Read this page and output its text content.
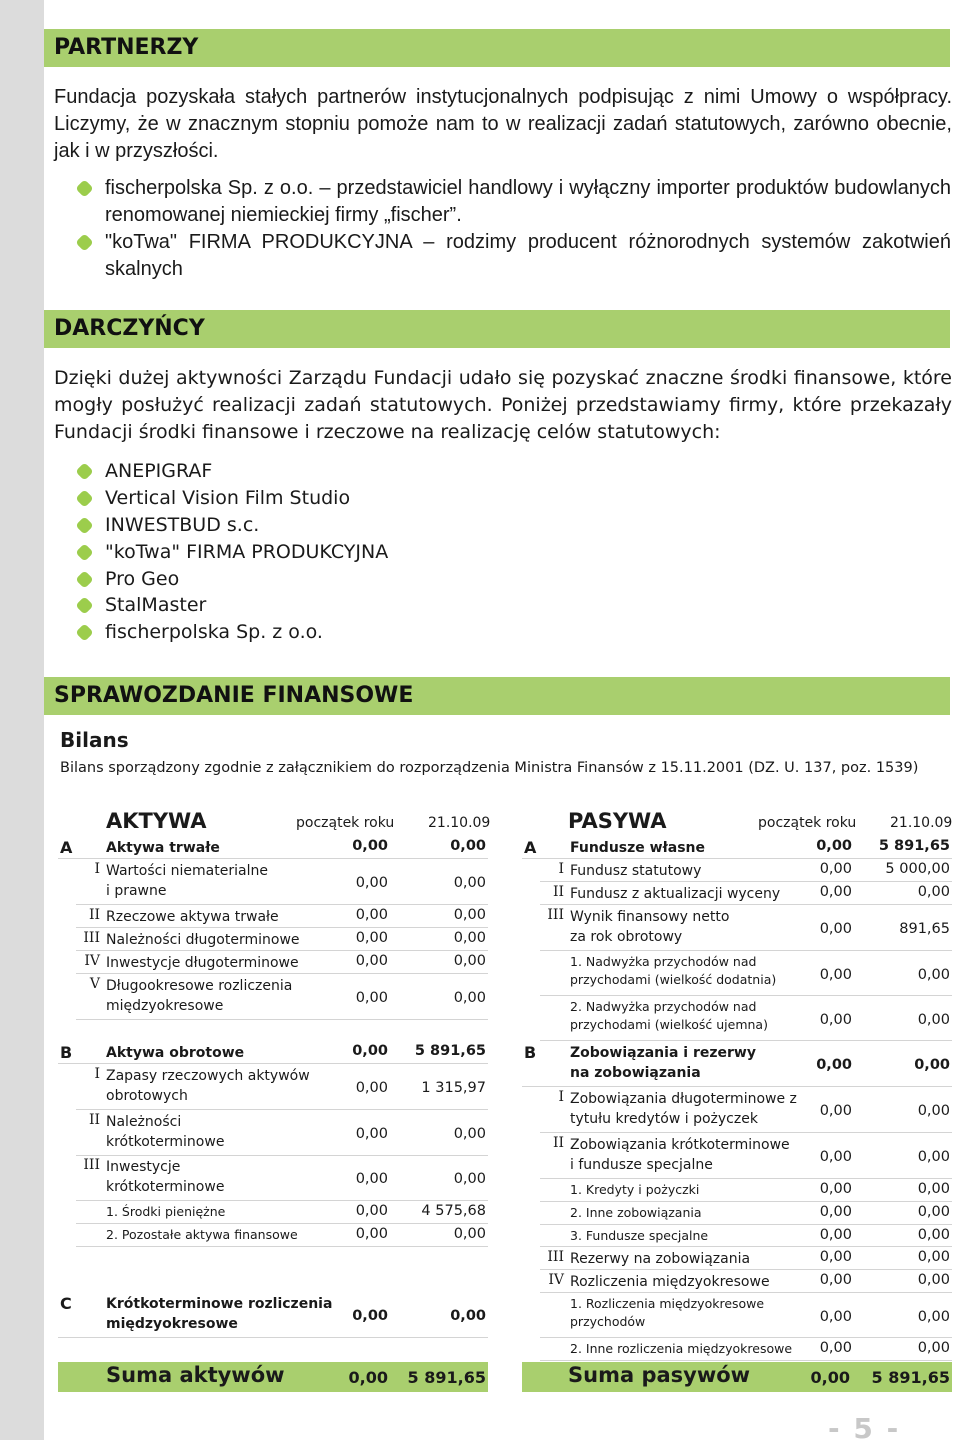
PARTNERZY
Fundacja pozyskała stałych partnerów instytucjonalnych podpisując z nimi Umowy o współpracy. Liczymy, że w znacznym stopniu pomoże nam to w realizacji zadań statutowych, zarówno obecnie, jak i w przyszłości.
fischerpolska Sp. z o.o. – przedstawiciel handlowy i wyłączny importer produktów budowlanych renomowanej niemieckiej firmy „fischer”.
"koTwa" FIRMA PRODUKCYJNA – rodzimy producent różnorodnych systemów zakotwień skalnych
DARCZYŃCY
Dzięki dużej aktywności Zarządu Fundacji udało się pozyskać znaczne środki finansowe, które mogły posłużyć realizacji zadań statutowych. Poniżej przedstawiamy firmy, które przekazały Fundacji środki finansowe i rzeczowe na realizację celów statutowych:
ANEPIGRAF
Vertical Vision Film Studio
INWESTBUD s.c.
"koTwa" FIRMA PRODUKCYJNA
Pro Geo
StalMaster
fischerpolska Sp. z o.o.
SPRAWOZDANIE FINANSOWE
Bilans
Bilans sporządzony zgodnie z załącznikiem do rozporządzenia Ministra Finansów z 15.11.2001 (DZ. U. 137, poz. 1539)
AKTYWA	początek roku 21.10.09
A Aktywa trwałe	0,00	0,00
I Wartości niematerialne
i prawne	0,00	0,00
II Rzeczowe aktywa trwałe	0,00	0,00
III Należności długoterminowe	0,00	0,00
IV Inwestycje długoterminowe	0,00	0,00
V Długookresowe rozliczenia
międzyokresowe	0,00	0,00
B Aktywa obrotowe	0,00	5 891,65
I Zapasy rzeczowych aktywów
obrotowych	0,00	1 315,97
II Należności
krótkoterminowe	0,00	0,00
III Inwestycje
krótkoterminowe	0,00	0,00
1. Środki pieniężne	0,00	4 575,68
2. Pozostałe aktywa finansowe	0,00	0,00
C Krótkoterminowe rozliczenia
międzyokresowe	0,00	0,00
Suma aktywów	0,00	5 891,65
PASYWA	początek roku 21.10.09
A Fundusze własne	0,00	5 891,65
I Fundusz statutowy	0,00	5 000,00
II Fundusz z aktualizacji wyceny	0,00	0,00
III Wynik finansowy netto
za rok obrotowy	0,00	891,65
1. Nadwyżka przychodów nad
przychodami (wielkość dodatnia)	0,00	0,00
2. Nadwyżka przychodów nad
przychodami (wielkość ujemna)	0,00	0,00
B Zobowiązania i rezerwy
na zobowiązania	0,00	0,00
I Zobowiązania długoterminowe z
tytułu kredytów i pożyczek	0,00	0,00
II Zobowiązania krótkoterminowe
i fundusze specjalne	0,00	0,00
1. Kredyty i pożyczki	0,00	0,00
2. Inne zobowiązania	0,00	0,00
3. Fundusze specjalne	0,00	0,00
III Rezerwy na zobowiązania	0,00	0,00
IV Rozliczenia międzyokresowe	0,00	0,00
1. Rozliczenia międzyokresowe
przychodów	0,00	0,00
2. Inne rozliczenia międzyokresowe	0,00	0,00
Suma pasywów	0,00	5 891,65
- 5 -
